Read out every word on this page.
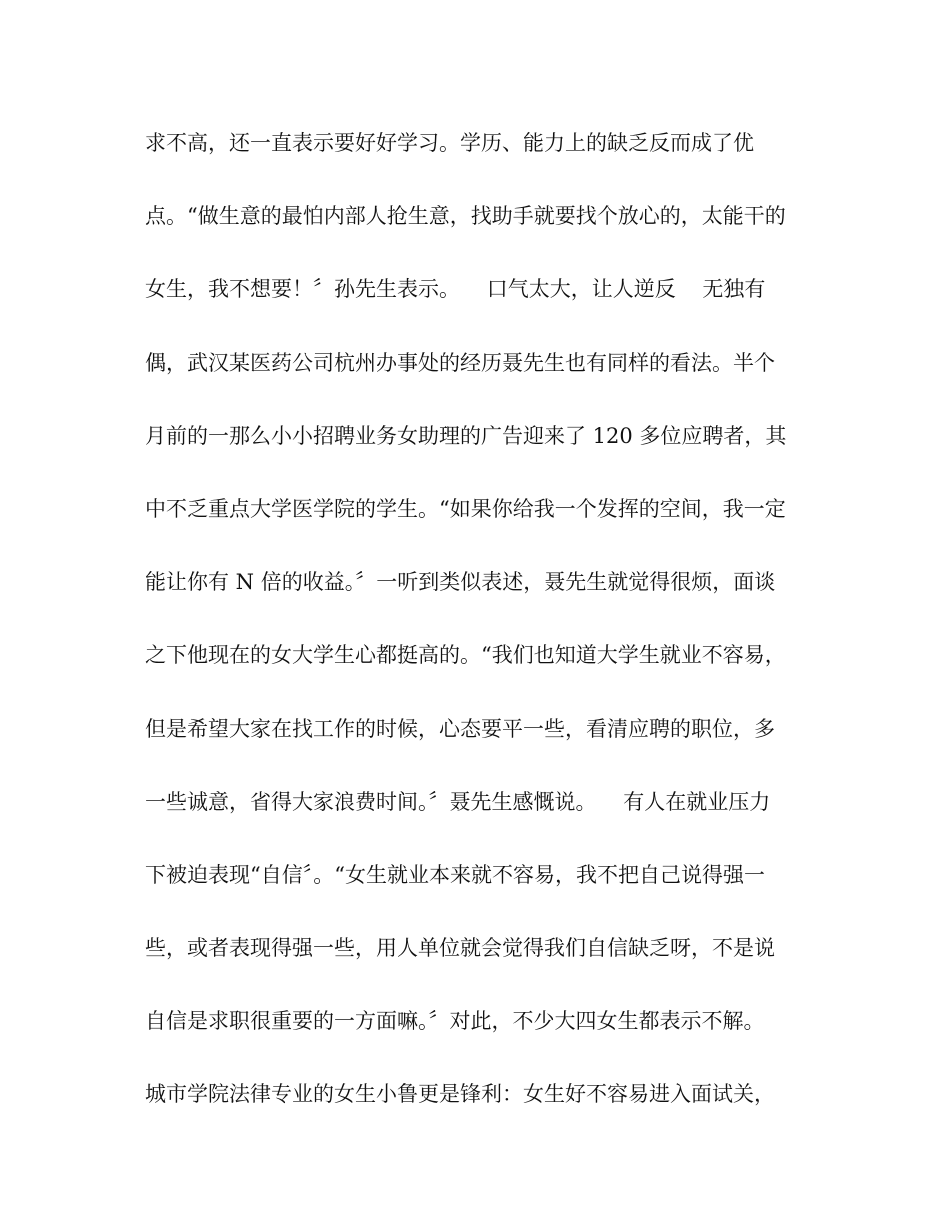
求不高，还一直表示要好好学习。学历、能力上的缺乏反而成了优
点。“做生意的最怕内部人抢生意，找助手就要找个放心的，太能干的
女生，我不想要！〞孙先生表示。    口气太大，让人逆反    无独有
偶，武汉某医药公司杭州办事处的经历聂先生也有同样的看法。半个
月前的一那么小小招聘业务女助理的广告迎来了 120 多位应聘者，其
中不乏重点大学医学院的学生。“如果你给我一个发挥的空间，我一定
能让你有 N 倍的收益。〞一听到类似表述，聂先生就觉得很烦，面谈
之下他现在的女大学生心都挺高的。“我们也知道大学生就业不容易，
但是希望大家在找工作的时候，心态要平一些，看清应聘的职位，多
一些诚意，省得大家浪费时间。〞聂先生感慨说。    有人在就业压力
下被迫表现“自信〞。“女生就业本来就不容易，我不把自己说得强一
些，或者表现得强一些，用人单位就会觉得我们自信缺乏呀，不是说
自信是求职很重要的一方面嘛。〞对此，不少大四女生都表示不解。
城市学院法律专业的女生小鲁更是锋利：女生好不容易进入面试关，
